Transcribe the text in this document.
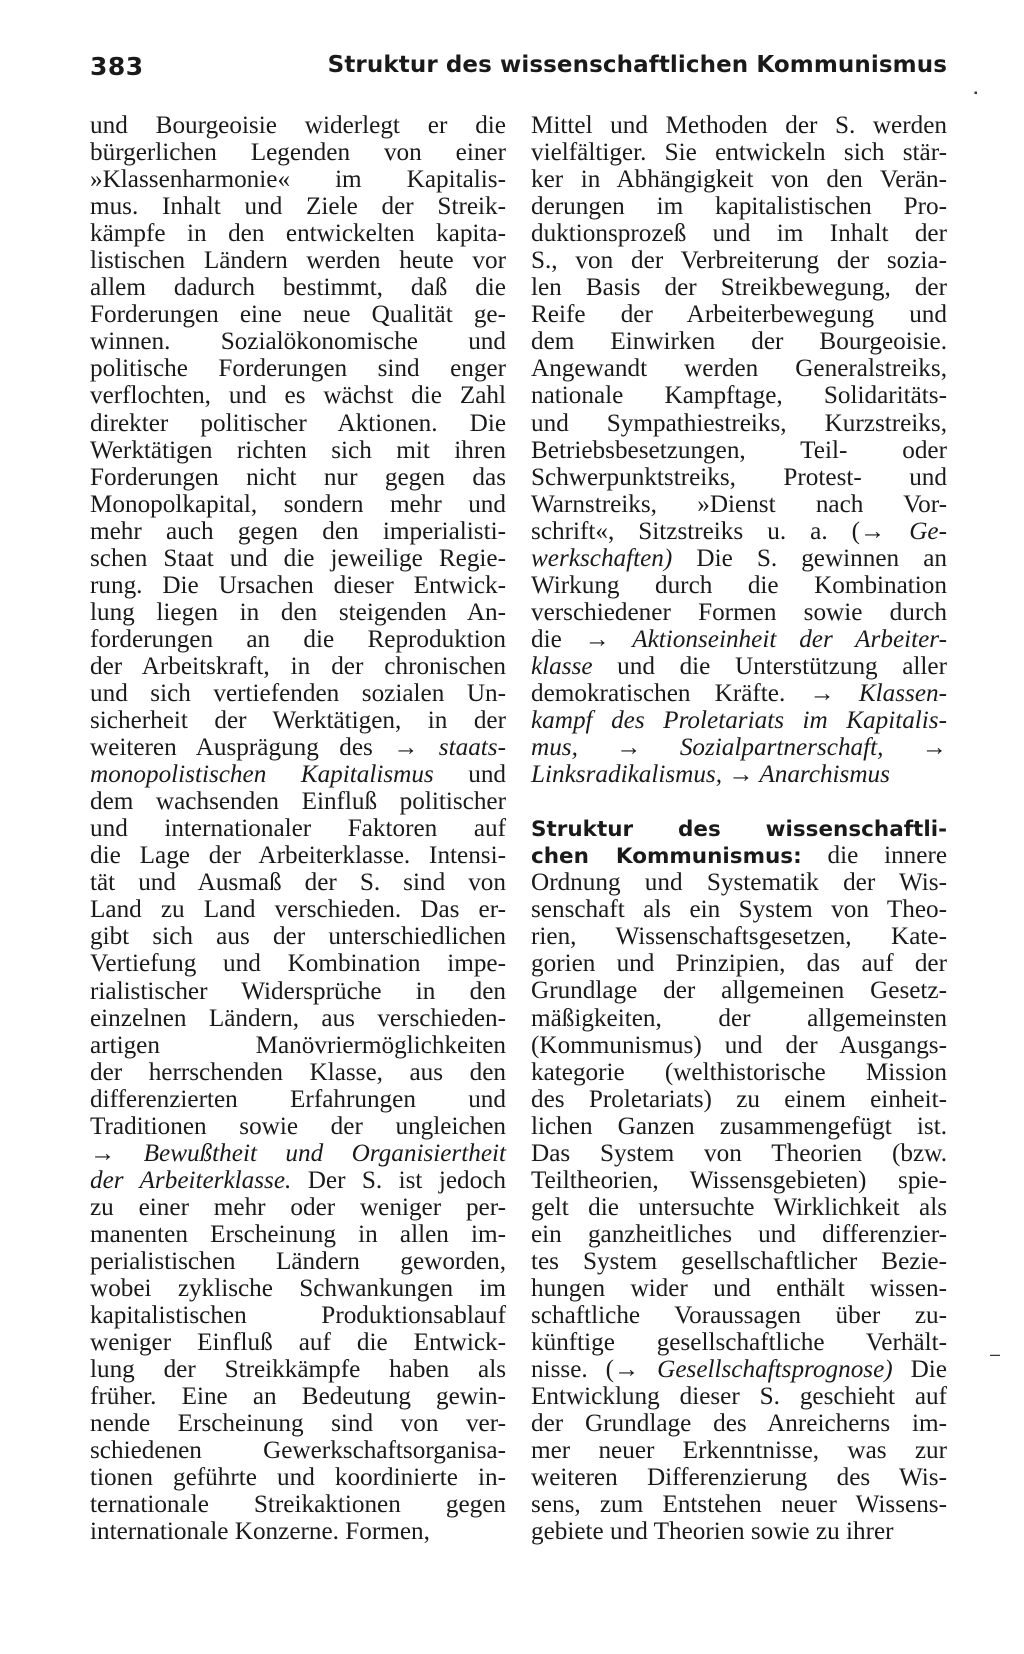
383	Struktur des wissenschaftlichen Kommunismus
und Bourgeoisie widerlegt er die
bürgerlichen Legenden von einer
»Klassenharmonie« im Kapitalis-
mus. Inhalt und Ziele der Streik-
kämpfe in den entwickelten kapita-
listischen Ländern werden heute vor
allem dadurch bestimmt, daß die
Forderungen eine neue Qualität ge-
winnen. Sozialökonomische und
politische Forderungen sind enger
verflochten, und es wächst die Zahl
direkter politischer Aktionen. Die
Werktätigen richten sich mit ihren
Forderungen nicht nur gegen das
Monopolkapital, sondern mehr und
mehr auch gegen den imperialisti-
schen Staat und die jeweilige Regie-
rung. Die Ursachen dieser Entwick-
lung liegen in den steigenden An-
forderungen an die Reproduktion
der Arbeitskraft, in der chronischen
und sich vertiefenden sozialen Un-
sicherheit der Werktätigen, in der
weiteren Ausprägung des → staats-
monopolistischen Kapitalismus und
dem wachsenden Einfluß politischer
und internationaler Faktoren auf
die Lage der Arbeiterklasse. Intensi-
tät und Ausmaß der S. sind von
Land zu Land verschieden. Das er-
gibt sich aus der unterschiedlichen
Vertiefung und Kombination impe-
rialistischer Widersprüche in den
einzelnen Ländern, aus verschieden-
artigen Manövriermöglichkeiten
der herrschenden Klasse, aus den
differenzierten Erfahrungen und
Traditionen sowie der ungleichen
→ Bewußtheit und Organisiertheit
der Arbeiterklasse. Der S. ist jedoch
zu einer mehr oder weniger per-
manenten Erscheinung in allen im-
perialistischen Ländern geworden,
wobei zyklische Schwankungen im
kapitalistischen Produktionsablauf
weniger Einfluß auf die Entwick-
lung der Streikkämpfe haben als
früher. Eine an Bedeutung gewin-
nende Erscheinung sind von ver-
schiedenen Gewerkschaftsorganisa-
tionen geführte und koordinierte in-
ternationale Streikaktionen gegen
internationale Konzerne. Formen,
Mittel und Methoden der S. werden
vielfältiger. Sie entwickeln sich stär-
ker in Abhängigkeit von den Verän-
derungen im kapitalistischen Pro-
duktionsprozeß und im Inhalt der
S., von der Verbreiterung der sozia-
len Basis der Streikbewegung, der
Reife der Arbeiterbewegung und
dem Einwirken der Bourgeoisie.
Angewandt werden Generalstreiks,
nationale Kampftage, Solidaritäts-
und Sympathiestreiks, Kurzstreiks,
Betriebsbesetzungen, Teil- oder
Schwerpunktstreiks, Protest- und
Warnstreiks, »Dienst nach Vor-
schrift«, Sitzstreiks u. a. (→ Ge-
werkschaften) Die S. gewinnen an
Wirkung durch die Kombination
verschiedener Formen sowie durch
die → Aktionseinheit der Arbeiter-
klasse und die Unterstützung aller
demokratischen Kräfte. → Klassen-
kampf des Proletariats im Kapitalis-
mus, → Sozialpartnerschaft, →
Linksradikalismus, → Anarchismus
Struktur des wissenschaftli-
chen Kommunismus: die innere
Ordnung und Systematik der Wis-
senschaft als ein System von Theo-
rien, Wissenschaftsgesetzen, Kate-
gorien und Prinzipien, das auf der
Grundlage der allgemeinen Gesetz-
mäßigkeiten, der allgemeinsten
(Kommunismus) und der Ausgangs-
kategorie (welthistorische Mission
des Proletariats) zu einem einheit-
lichen Ganzen zusammengefügt ist.
Das System von Theorien (bzw.
Teiltheorien, Wissensgebieten) spie-
gelt die untersuchte Wirklichkeit als
ein ganzheitliches und differenzier-
tes System gesellschaftlicher Bezie-
hungen wider und enthält wissen-
schaftliche Voraussagen über zu-
künftige gesellschaftliche Verhält-
nisse. (→ Gesellschaftsprognose) Die
Entwicklung dieser S. geschieht auf
der Grundlage des Anreicherns im-
mer neuer Erkenntnisse, was zur
weiteren Differenzierung des Wis-
sens, zum Entstehen neuer Wissens-
gebiete und Theorien sowie zu ihrer
▪
–
